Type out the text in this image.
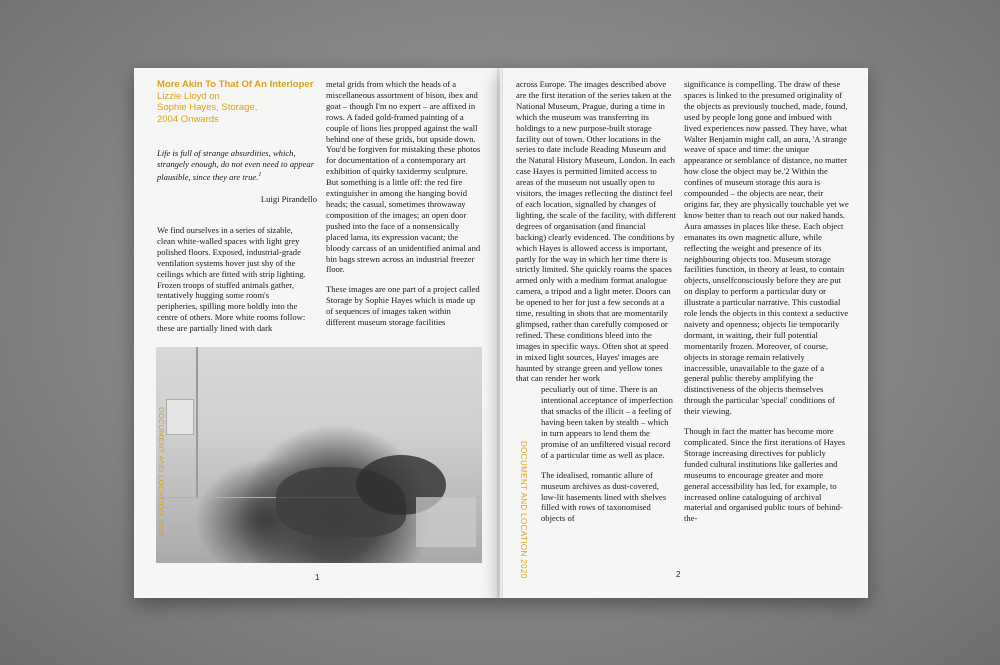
More Akin To That Of An Interloper
Lizzie Lloyd on
Sophie Hayes, Storage,
2004 Onwards
Life is full of strange absurdities, which, strangely enough, do not even need to appear plausible, since they are true.$^1$
Luigi Pirandello

We find ourselves in a series of sizable, clean white-walled spaces with light grey polished floors. Exposed, industrial-grade ventilation systems hover just shy of the ceilings which are fitted with strip lighting. Frozen troops of stuffed animals gather, tentatively hugging some room's peripheries, spilling more boldly into the centre of others. More white rooms follow: these are partially lined with dark

metal grids from which the heads of a miscellaneous assortment of bison, ibex and goat – though I'm no expert – are affixed in rows. A faded gold-framed painting of a couple of lions lies propped against the wall behind one of these grids, but upside down. You'd be forgiven for mistaking these photos for documentation of a contemporary art exhibition of quirky taxidermy sculpture. But something is a little off: the red fire extinguisher in among the hanging bovid heads; the casual, sometimes throwaway composition of the images; an open door pushed into the face of a nonsensically placed lama, its expression vacant; the bloody carcass of an unidentified animal and bin bags strewn across an industrial freezer floor.

These images are one part of a project called Storage by Sophie Hayes which is made up of sequences of images taken within different museum storage facilities

DOCUMENT AND LOCATION 2020
1

across Europe. The images described above are the first iteration of the series taken at the National Museum, Prague, during a time in which the museum was transferring its holdings to a new purpose-built storage facility out of town. Other locations in the series to date include Reading Museum and the Natural History Museum, London. In each case Hayes is permitted limited access to areas of the museum not usually open to visitors, the images reflecting the distinct feel of each location, signalled by changes of lighting, the scale of the facility, with different degrees of organisation (and financial backing) clearly evidenced. The conditions by which Hayes is allowed access is important, partly for the way in which her time there is strictly limited. She quickly roams the spaces armed only with a medium format analogue camera, a tripod and a light meter. Doors can be opened to her for just a few seconds at a time, resulting in shots that are momentarily glimpsed, rather than carefully composed or refined. These conditions bleed into the images in specific ways. Often shot at speed in mixed light sources, Hayes' images are haunted by strange green and yellow tones that can render her work

peculiarly out of time. There is an intentional acceptance of imperfection that smacks of the illicit – a feeling of having been taken by stealth – which in turn appears to lend them the promise of an unfiltered visual record of a particular time as well as place.

The idealised, romantic allure of museum archives as dust-covered, low-lit basements lined with shelves filled with rows of taxonomised objects of

DOCUMENT AND LOCATION 2020

significance is compelling. The draw of these spaces is linked to the presumed originality of the objects as previously touched, made, found, used by people long gone and imbued with lived experiences now passed. They have, what Walter Benjamin might call, an aura, 'A strange weave of space and time: the unique appearance or semblance of distance, no matter how close the object may be.'2 Within the confines of museum storage this aura is compounded – the objects are near, their origins far, they are physically touchable yet we know better than to reach out our naked hands. Aura amasses in places like these. Each object emanates its own magnetic allure, while reflecting the weight and presence of its neighbouring objects too. Museum storage facilities function, in theory at least, to contain objects, unselfconsciously before they are put on display to perform a particular duty or illustrate a particular narrative. This custodial role lends the objects in this context a seductive naivety and openness; objects lie temporarily dormant, in waiting, their full potential momentarily frozen. Moreover, of course, objects in storage remain relatively inaccessible, unavailable to the gaze of a general public thereby amplifying the distinctiveness of the objects themselves through the particular 'special' conditions of their viewing.

Though in fact the matter has become more complicated. Since the first iterations of Hayes Storage increasing directives for publicly funded cultural institutions like galleries and museums to encourage greater and more general accessibility has led, for example, to increased online cataloguing of archival material and organised public tours of behind-the-

2
